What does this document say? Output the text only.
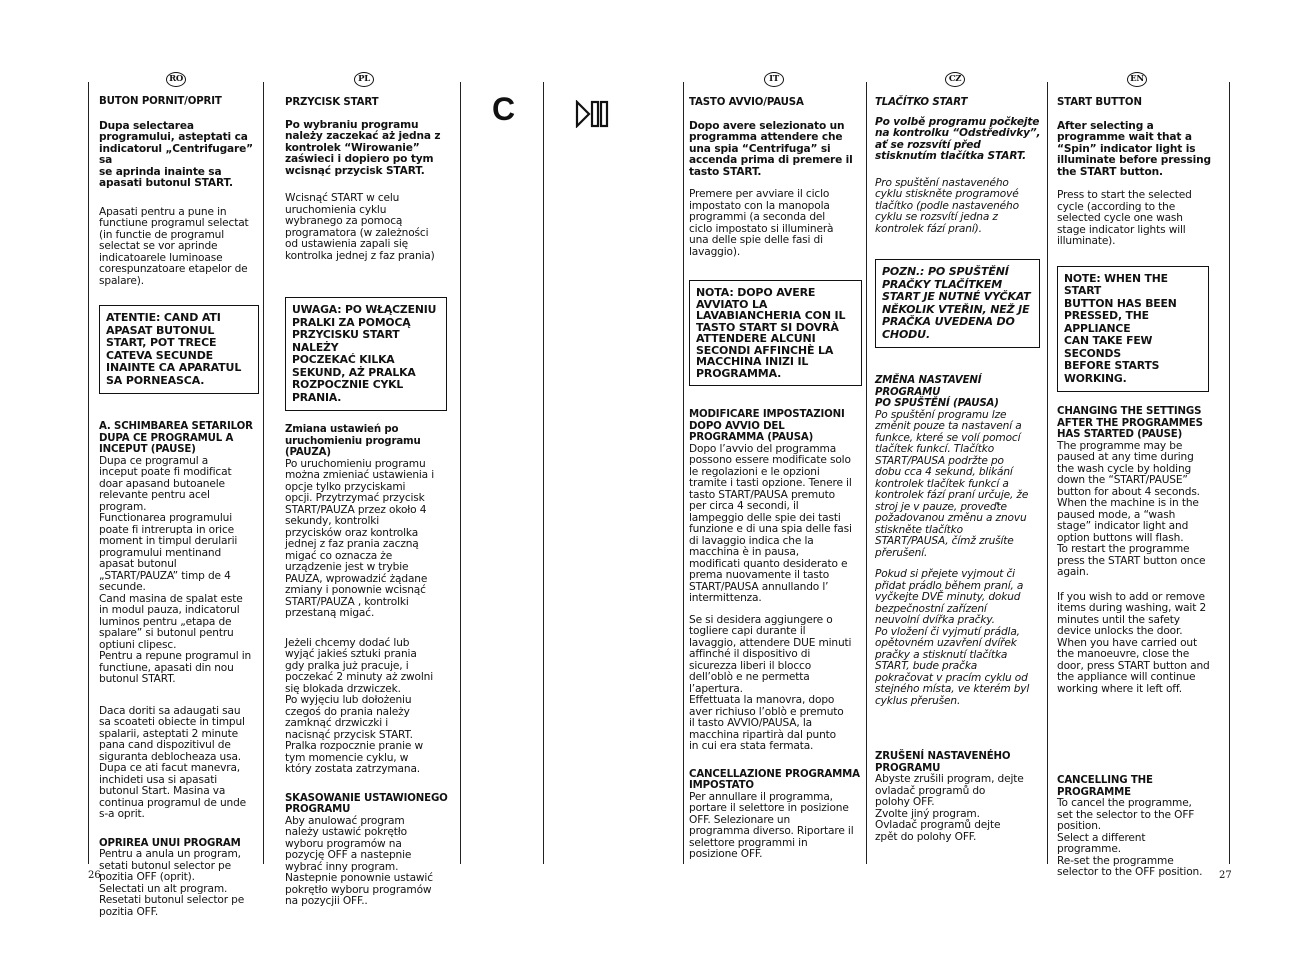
RO	PL	IT	CZ	EN
C

BUTON PORNIT/OPRIT

Dupa selectarea
programului, asteptati ca
indicatorul „Centrifugare” sa
se aprinda inainte sa
apasati butonul START.

Apasati pentru a pune in
functiune programul selectat
(in functie de programul
selectat se vor aprinde
indicatoarele luminoase
corespunzatoare etapelor de
spalare).

ATENTIE: CAND ATI
APASAT BUTONUL
START, POT TRECE
CATEVA SECUNDE
INAINTE CA APARATUL
SA PORNEASCA.

A. SCHIMBAREA SETARILOR
DUPA CE PROGRAMUL A
INCEPUT (PAUSE)

Dupa ce programul a
inceput poate fi modificat
doar apasand butoanele
relevante pentru acel
program.
Functionarea programului
poate fi intrerupta in orice
moment in timpul derularii
programului mentinand
apasat butonul
„START/PAUZA” timp de 4
secunde.
Cand masina de spalat este
in modul pauza, indicatorul
luminos pentru „etapa de
spalare” si butonul pentru
optiuni clipesc.
Pentru a repune programul in
functiune, apasati din nou
butonul START.

Daca doriti sa adaugati sau
sa scoateti obiecte in timpul
spalarii, asteptati 2 minute
pana cand dispozitivul de
siguranta deblocheaza usa.
Dupa ce ati facut manevra,
inchideti usa si apasati
butonul Start. Masina va
continua programul de unde
s-a oprit.

OPRIREA UNUI PROGRAM

Pentru a anula un program,
setati butonul selector pe
pozitia OFF (oprit).
Selectati un alt program.
Resetati butonul selector pe
pozitia OFF.

PRZYCISK START

Po wybraniu programu
należy zaczekać aż jedna z
kontrolek “Wirowanie”
zaświeci i dopiero po tym
wcisnąć przycisk START.

Wcisnąć START w celu
uruchomienia cyklu
wybranego za pomocą
programatora (w zależności
od ustawienia zapali się
kontrolka jednej z faz prania)

UWAGA: PO WŁĄCZENIU
PRALKI ZA POMOCĄ
PRZYCISKU START NALEŻY
POCZEKAĆ KILKA
SEKUND, AŻ PRALKA
ROZPOCZNIE CYKL
PRANIA.

Zmiana ustawień po
uruchomieniu programu
(PAUZA)

Po uruchomieniu programu
można zmieniać ustawienia i
opcje tylko przyciskami
opcji. Przytrzymać przycisk
START/PAUZA przez około 4
sekundy, kontrolki
przycisków oraz kontrolka
jednej z faz prania zaczną
migać co oznacza że
urządzenie jest w trybie
PAUZA, wprowadzić żądane
zmiany i ponownie wcisnąć
START/PAUZA , kontrolki
przestaną migać.

Jeżeli chcemy dodać lub
wyjąć jakieś sztuki prania
gdy pralka już pracuje, i
poczekać 2 minuty aż zwolni
się blokada drzwiczek.
Po wyjęciu lub dołożeniu
czegoś do prania należy
zamknąć drzwiczki i
nacisnąć przycisk START.
Pralka rozpocznie pranie w
tym momencie cyklu, w
który zostata zatrzymana.

SKASOWANIE USTAWIONEGO
PROGRAMU

Aby anulować program
należy ustawić pokrętło
wyboru programów na
pozycję OFF a nastepnie
wybrać inny program.
Nastepnie ponownie ustawić
pokrętło wyboru programów
na pozycjii OFF..

TASTO AVVIO/PAUSA

Dopo avere selezionato un
programma attendere che
una spia “Centrifuga” si
accenda prima di premere il
tasto START.

Premere per avviare il ciclo
impostato con la manopola
programmi (a seconda del
ciclo impostato si illuminerà
una delle spie delle fasi di
lavaggio).

NOTA: DOPO AVERE
AVVIATO LA
LAVABIANCHERIA CON IL
TASTO START SI DOVRÀ
ATTENDERE ALCUNI
SECONDI AFFINCHÈ LA
MACCHINA INIZI IL
PROGRAMMA.

MODIFICARE IMPOSTAZIONI
DOPO AVVIO DEL
PROGRAMMA (PAUSA)

Dopo l’avvio del programma
possono essere modificate solo
le regolazioni e le opzioni
tramite i tasti opzione. Tenere il
tasto START/PAUSA premuto
per circa 4 secondi, il
lampeggio delle spie dei tasti
funzione e di una spia delle fasi
di lavaggio indica che la
macchina è in pausa,
modificati quanto desiderato e
prema nuovamente il tasto
START/PAUSA annullando l’
intermittenza.

Se si desidera aggiungere o
togliere capi durante il
lavaggio, attendere DUE minuti
affinché il dispositivo di
sicurezza liberi il blocco
dell’oblò e ne permetta
l’apertura.
Effettuata la manovra, dopo
aver richiuso l’oblò e premuto
il tasto AVVIO/PAUSA, la
macchina ripartirà dal punto
in cui era stata fermata.

CANCELLAZIONE PROGRAMMA
IMPOSTATO

Per annullare il programma,
portare il selettore in posizione
OFF. Selezionare un
programma diverso. Riportare il
selettore programmi in
posizione OFF.

TLAČÍTKO START

Po volbě programu počkejte
na kontrolku “Odstředivky”,
ať se rozsvítí před
stisknutím tlačítka START.

Pro spuštění nastaveného
cyklu stiskněte programové
tlačítko (podle nastaveného
cyklu se rozsvítí jedna z
kontrolek fází praní).

POZN.: PO SPUŠTĚNÍ
PRAČKY TLAČÍTKEM
START JE NUTNÉ VYČKAT
NĚKOLIK VTEŘIN, NEŽ JE
PRAČKA UVEDENA DO
CHODU.

ZMĚNA NASTAVENÍ PROGRAMU
PO SPUŠTĚNÍ (PAUSA)

Po spuštění programu lze
změnit pouze ta nastavení a
funkce, které se volí pomocí
tlačítek funkcí. Tlačítko
START/PAUSA podržte po
dobu cca 4 sekund, blikání
kontrolek tlačítek funkcí a
kontrolek fází praní určuje, že
stroj je v pauze, proveďte
požadovanou změnu a znovu
stiskněte tlačítko
START/PAUSA, čímž zrušíte
přerušení.

Pokud si přejete vyjmout či
přidat prádlo během praní, a
vyčkejte DVĚ minuty, dokud
bezpečnostní zařízení
neuvolní dvířka pračky.
Po vložení či vyjmutí prádla,
opětovném uzavření dvířek
pračky a stisknutí tlačítka
START, bude pračka
pokračovat v pracím cyklu od
stejného místa, ve kterém byl
cyklus přerušen.

ZRUŠENÍ NASTAVENÉHO
PROGRAMU

Abyste zrušili program, dejte
ovladač programů do
polohy OFF.
Zvolte jiný program.
Ovladač programů dejte
zpět do polohy OFF.

START BUTTON

After selecting a
programme wait that a
“Spin” indicator light is
illuminate before pressing
the START button.

Press to start the selected
cycle (according to the
selected cycle one wash
stage indicator lights will
illuminate).

NOTE: WHEN THE START
BUTTON HAS BEEN
PRESSED, THE APPLIANCE
CAN TAKE FEW SECONDS
BEFORE STARTS
WORKING.

CHANGING THE SETTINGS
AFTER THE PROGRAMMES
HAS STARTED (PAUSE)

The programme may be
paused at any time during
the wash cycle by holding
down the “START/PAUSE”
button for about 4 seconds.
When the machine is in the
paused mode, a “wash
stage” indicator light and
option buttons will flash.
To restart the programme
press the START button once
again.

If you wish to add or remove
items during washing, wait 2
minutes until the safety
device unlocks the door.
When you have carried out
the manoeuvre, close the
door, press START button and
the appliance will continue
working where it left off.

CANCELLING THE
PROGRAMME

To cancel the programme,
set the selector to the OFF
position.
Select a different
programme.
Re-set the programme
selector to the OFF position.

26	27
